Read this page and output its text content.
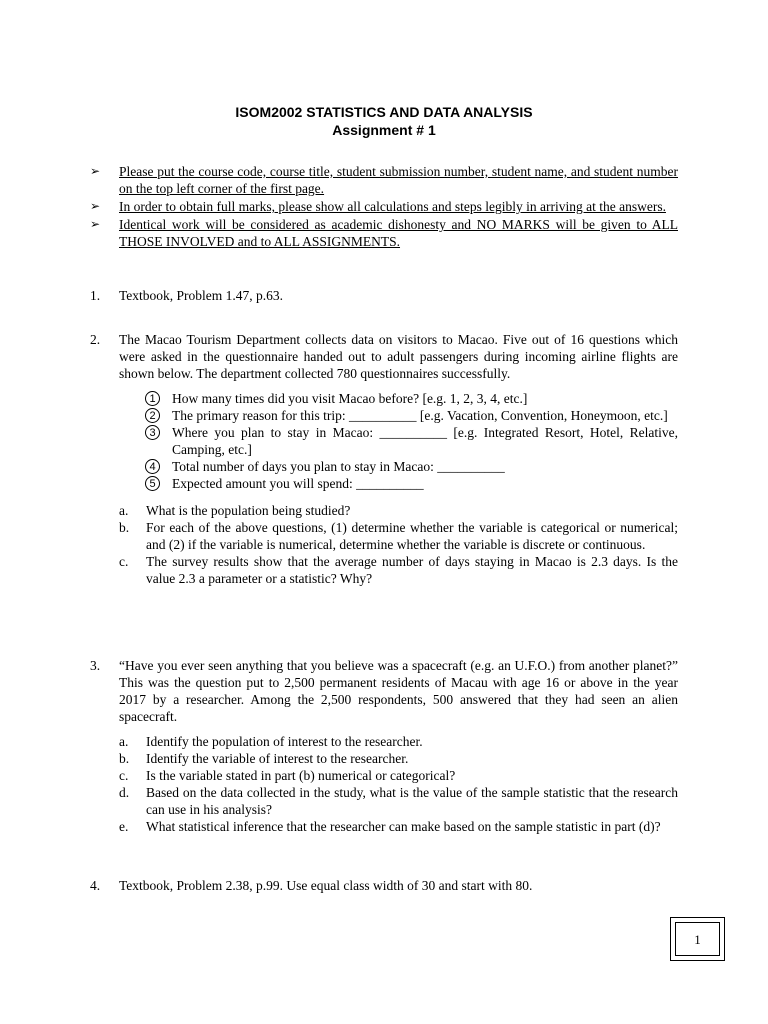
ISOM2002 STATISTICS AND DATA ANALYSIS
Assignment # 1
➢ Please put the course code, course title, student submission number, student name, and student number on the top left corner of the first page.
➢ In order to obtain full marks, please show all calculations and steps legibly in arriving at the answers.
➢ Identical work will be considered as academic dishonesty and NO MARKS will be given to ALL THOSE INVOLVED and to ALL ASSIGNMENTS.
1. Textbook, Problem 1.47, p.63.
2. The Macao Tourism Department collects data on visitors to Macao. Five out of 16 questions which were asked in the questionnaire handed out to adult passengers during incoming airline flights are shown below. The department collected 780 questionnaires successfully.
1	How many times did you visit Macao before? [e.g. 1, 2, 3, 4, etc.]
2	The primary reason for this trip: __________ [e.g. Vacation, Convention, Honeymoon, etc.]
3	Where you plan to stay in Macao: __________ [e.g. Integrated Resort, Hotel, Relative, Camping, etc.]
4	Total number of days you plan to stay in Macao: __________
5	Expected amount you will spend: __________
a. What is the population being studied?
b. For each of the above questions, (1) determine whether the variable is categorical or numerical; and (2) if the variable is numerical, determine whether the variable is discrete or continuous.
c. The survey results show that the average number of days staying in Macao is 2.3 days. Is the value 2.3 a parameter or a statistic? Why?
3. “Have you ever seen anything that you believe was a spacecraft (e.g. an U.F.O.) from another planet?” This was the question put to 2,500 permanent residents of Macau with age 16 or above in the year 2017 by a researcher. Among the 2,500 respondents, 500 answered that they had seen an alien spacecraft.
a. Identify the population of interest to the researcher.
b. Identify the variable of interest to the researcher.
c. Is the variable stated in part (b) numerical or categorical?
d. Based on the data collected in the study, what is the value of the sample statistic that the research can use in his analysis?
e. What statistical inference that the researcher can make based on the sample statistic in part (d)?
4. Textbook, Problem 2.38, p.99. Use equal class width of 30 and start with 80.
1
